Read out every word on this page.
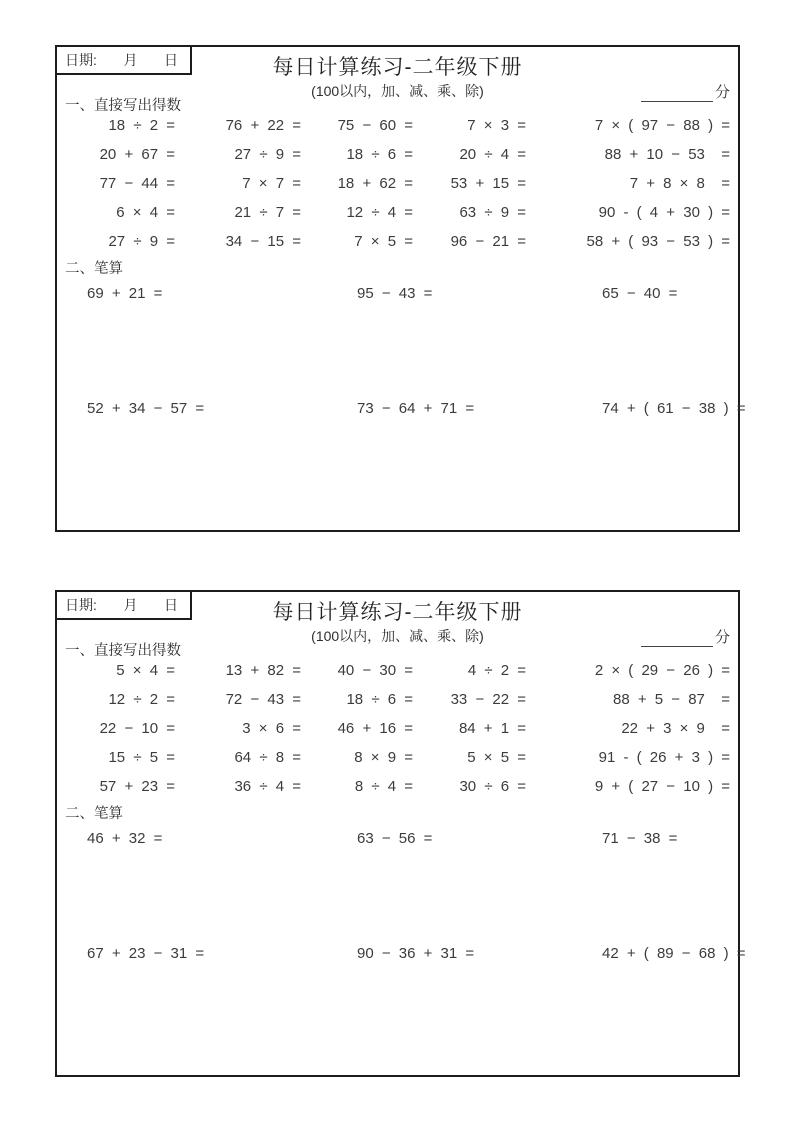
日期: 月 日	每日计算练习-二年级下册
(100以内，加、减、乘、除)	分
一、直接写出得数
18 ÷ 2 =	76 + 22 =	75 − 60 =	7 × 3 =	7 × ( 97 − 88 ) =
20 + 67 =	27 ÷ 9 =	18 ÷ 6 =	20 ÷ 4 =	88 + 10 − 53  =
77 − 44 =	7 × 7 =	18 + 62 =	53 + 15 =	7 + 8 × 8  =
6 × 4 =	21 ÷ 7 =	12 ÷ 4 =	63 ÷ 9 =	90 - ( 4 + 30 ) =
27 ÷ 9 =	34 − 15 =	7 × 5 =	96 − 21 =	58 + ( 93 − 53 ) =
二、笔算
69 + 21 =	95 − 43 =	65 − 40 =
52 + 34 − 57 =	73 − 64 + 71 =	74 + ( 61 − 38 ) =
日期: 月 日	每日计算练习-二年级下册
(100以内，加、减、乘、除)	分
一、直接写出得数
5 × 4 =	13 + 82 =	40 − 30 =	4 ÷ 2 =	2 × ( 29 − 26 ) =
12 ÷ 2 =	72 − 43 =	18 ÷ 6 =	33 − 22 =	88 + 5 − 87  =
22 − 10 =	3 × 6 =	46 + 16 =	84 + 1 =	22 + 3 × 9  =
15 ÷ 5 =	64 ÷ 8 =	8 × 9 =	5 × 5 =	91 - ( 26 + 3 ) =
57 + 23 =	36 ÷ 4 =	8 ÷ 4 =	30 ÷ 6 =	9 + ( 27 − 10 ) =
二、笔算
46 + 32 =	63 − 56 =	71 − 38 =
67 + 23 − 31 =	90 − 36 + 31 =	42 + ( 89 − 68 ) =
